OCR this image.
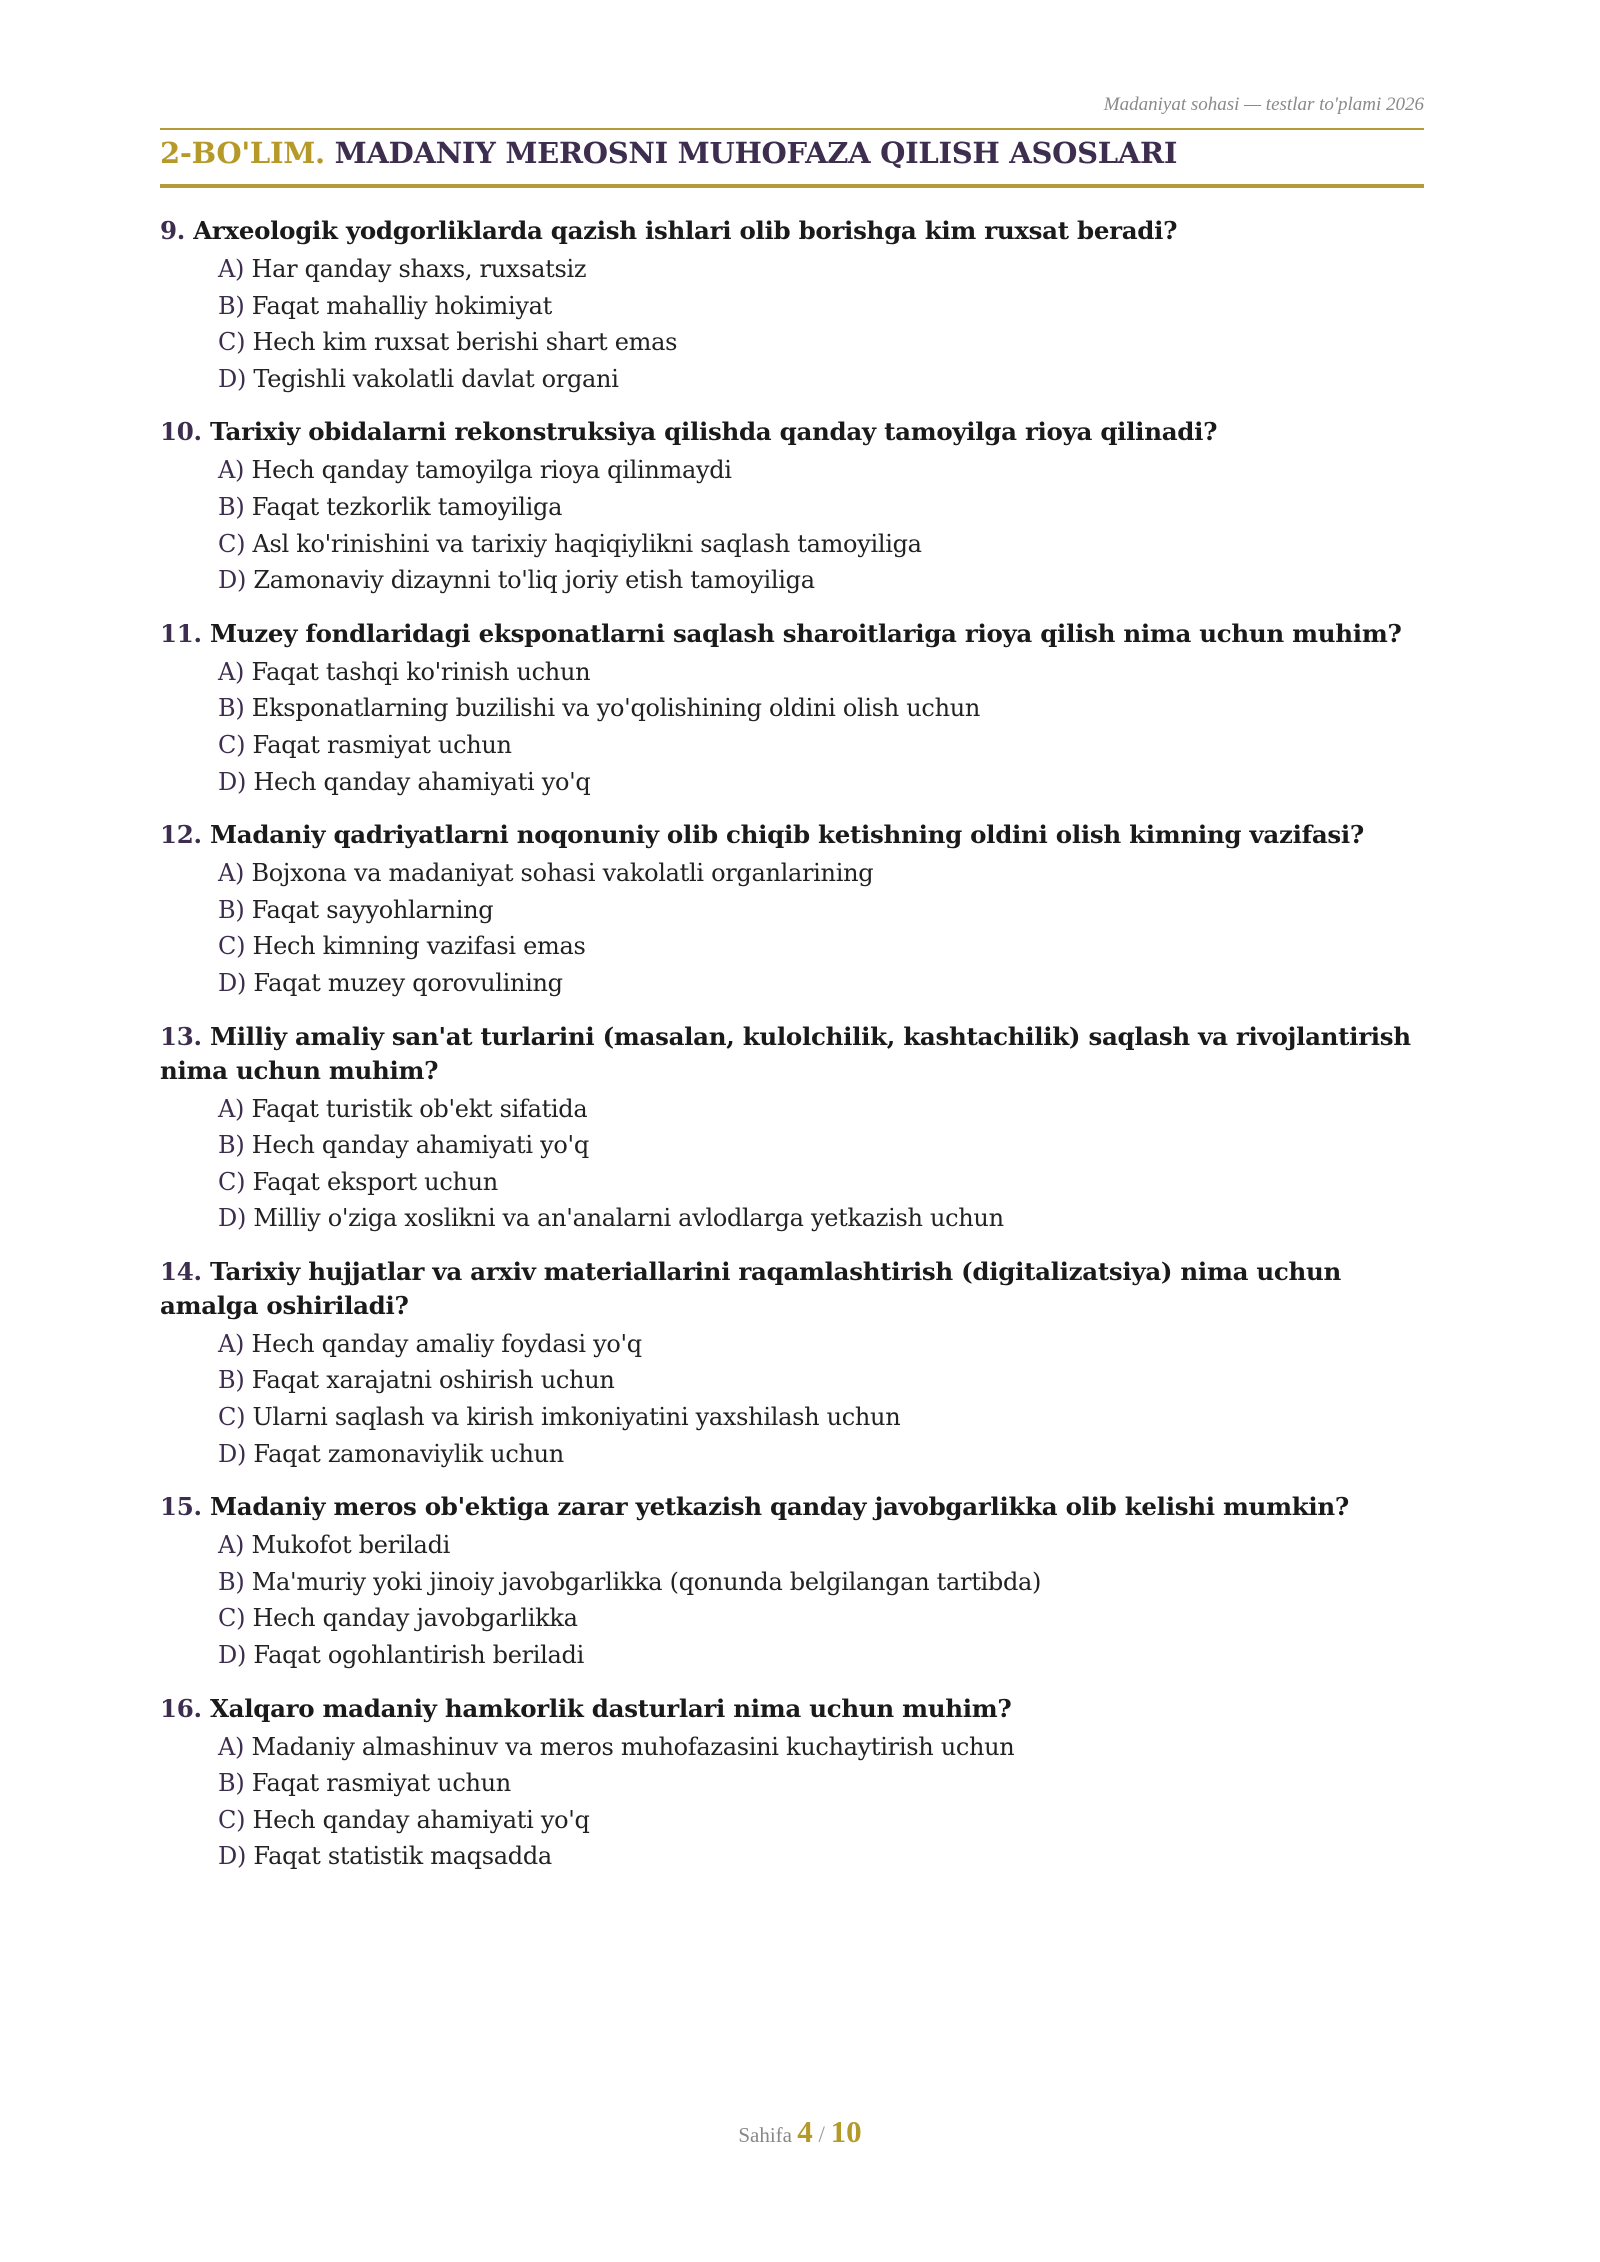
Madaniyat sohasi — testlar to'plami 2026
2-BO'LIM. MADANIY MEROSNI MUHOFAZA QILISH ASOSLARI
9. Arxeologik yodgorliklarda qazish ishlari olib borishga kim ruxsat beradi?
A) Har qanday shaxs, ruxsatsiz
B) Faqat mahalliy hokimiyat
C) Hech kim ruxsat berishi shart emas
D) Tegishli vakolatli davlat organi
10. Tarixiy obidalarni rekonstruksiya qilishda qanday tamoyilga rioya qilinadi?
A) Hech qanday tamoyilga rioya qilinmaydi
B) Faqat tezkorlik tamoyiliga
C) Asl ko'rinishini va tarixiy haqiqiylikni saqlash tamoyiliga
D) Zamonaviy dizaynni to'liq joriy etish tamoyiliga
11. Muzey fondlaridagi eksponatlarni saqlash sharoitlariga rioya qilish nima uchun muhim?
A) Faqat tashqi ko'rinish uchun
B) Eksponatlarning buzilishi va yo'qolishining oldini olish uchun
C) Faqat rasmiyat uchun
D) Hech qanday ahamiyati yo'q
12. Madaniy qadriyatlarni noqonuniy olib chiqib ketishning oldini olish kimning vazifasi?
A) Bojxona va madaniyat sohasi vakolatli organlarining
B) Faqat sayyohlarning
C) Hech kimning vazifasi emas
D) Faqat muzey qorovulining
13. Milliy amaliy san'at turlarini (masalan, kulolchilik, kashtachilik) saqlash va rivojlantirish nima uchun muhim?
A) Faqat turistik ob'ekt sifatida
B) Hech qanday ahamiyati yo'q
C) Faqat eksport uchun
D) Milliy o'ziga xoslikni va an'analarni avlodlarga yetkazish uchun
14. Tarixiy hujjatlar va arxiv materiallarini raqamlashtirish (digitalizatsiya) nima uchun amalga oshiriladi?
A) Hech qanday amaliy foydasi yo'q
B) Faqat xarajatni oshirish uchun
C) Ularni saqlash va kirish imkoniyatini yaxshilash uchun
D) Faqat zamonaviylik uchun
15. Madaniy meros ob'ektiga zarar yetkazish qanday javobgarlikka olib kelishi mumkin?
A) Mukofot beriladi
B) Ma'muriy yoki jinoiy javobgarlikka (qonunda belgilangan tartibda)
C) Hech qanday javobgarlikka
D) Faqat ogohlantirish beriladi
16. Xalqaro madaniy hamkorlik dasturlari nima uchun muhim?
A) Madaniy almashinuv va meros muhofazasini kuchaytirish uchun
B) Faqat rasmiyat uchun
C) Hech qanday ahamiyati yo'q
D) Faqat statistik maqsadda
Sahifa 4 / 10
